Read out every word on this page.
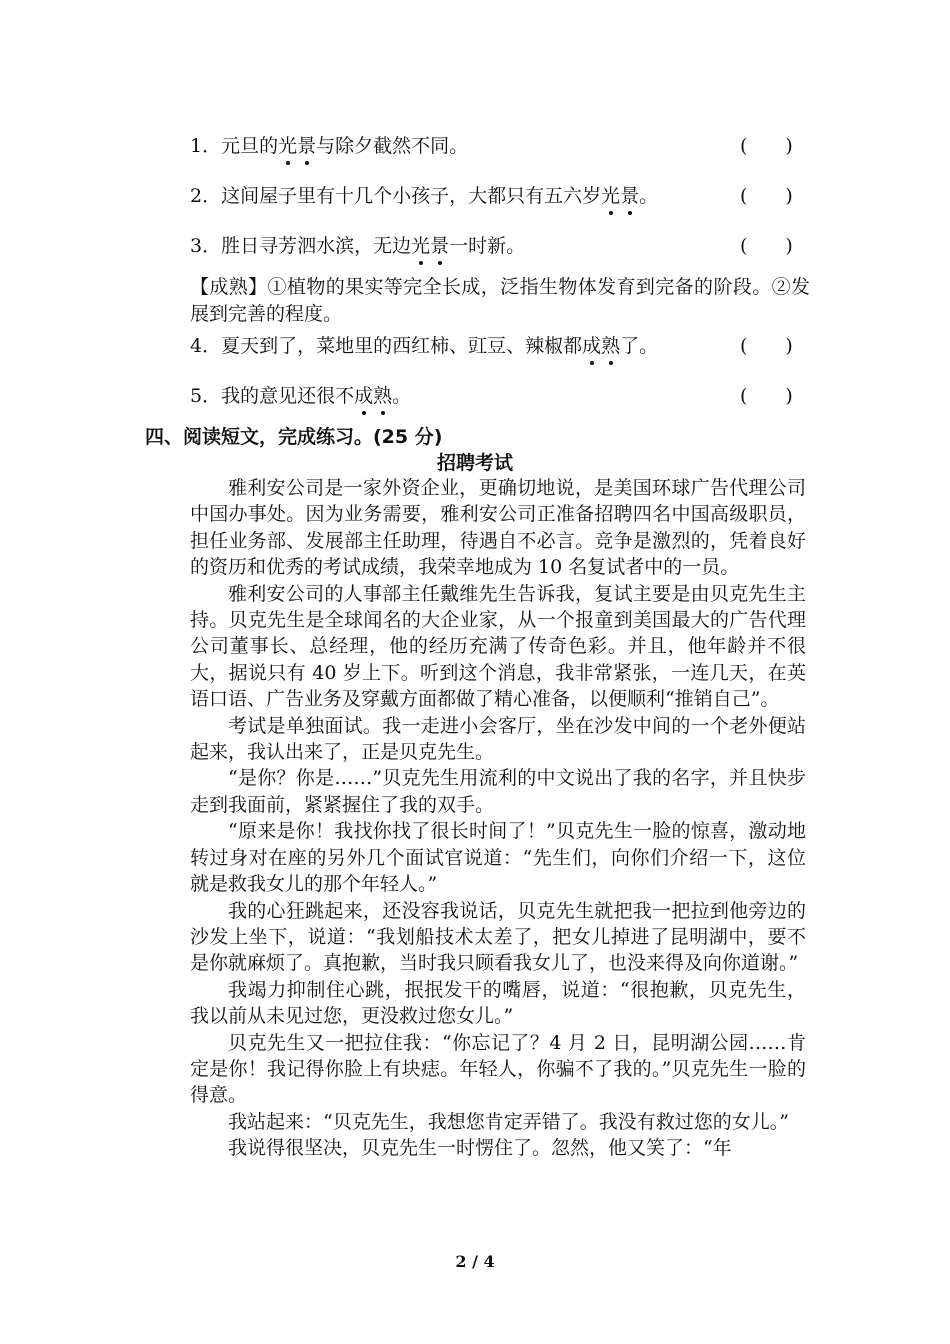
1．元旦的光景与除夕截然不同。	(　　)
2．这间屋子里有十几个小孩子，大都只有五六岁光景。	(　　)
3．胜日寻芳泗水滨，无边光景一时新。	(　　)
【成熟】①植物的果实等完全长成，泛指生物体发育到完备的阶段。②发展到完善的程度。
4．夏天到了，菜地里的西红柿、豇豆、辣椒都成熟了。	(　　)
5．我的意见还很不成熟。	(　　)
四、阅读短文，完成练习。(25 分)
招聘考试

雅利安公司是一家外资企业，更确切地说，是美国环球广告代理公司中国办事处。因为业务需要，雅利安公司正准备招聘四名中国高级职员，担任业务部、发展部主任助理，待遇自不必言。竞争是激烈的，凭着良好的资历和优秀的考试成绩，我荣幸地成为 10 名复试者中的一员。

雅利安公司的人事部主任戴维先生告诉我，复试主要是由贝克先生主持。贝克先生是全球闻名的大企业家，从一个报童到美国最大的广告代理公司董事长、总经理，他的经历充满了传奇色彩。并且，他年龄并不很大，据说只有 40 岁上下。听到这个消息，我非常紧张，一连几天，在英语口语、广告业务及穿戴方面都做了精心准备，以便顺利“推销自己”。

考试是单独面试。我一走进小会客厅，坐在沙发中间的一个老外便站起来，我认出来了，正是贝克先生。

“是你？你是……”贝克先生用流利的中文说出了我的名字，并且快步走到我面前，紧紧握住了我的双手。

“原来是你！我找你找了很长时间了！”贝克先生一脸的惊喜，激动地转过身对在座的另外几个面试官说道：“先生们，向你们介绍一下，这位就是救我女儿的那个年轻人。”

我的心狂跳起来，还没容我说话，贝克先生就把我一把拉到他旁边的沙发上坐下，说道：“我划船技术太差了，把女儿掉进了昆明湖中，要不是你就麻烦了。真抱歉，当时我只顾看我女儿了，也没来得及向你道谢。”

我竭力抑制住心跳，抿抿发干的嘴唇，说道：“很抱歉，贝克先生，我以前从未见过您，更没救过您女儿。”

贝克先生又一把拉住我：“你忘记了？4 月 2 日，昆明湖公园……肯定是你！我记得你脸上有块痣。年轻人，你骗不了我的。”贝克先生一脸的得意。

我站起来：“贝克先生，我想您肯定弄错了。我没有救过您的女儿。”

我说得很坚决，贝克先生一时愣住了。忽然，他又笑了：“年

2 / 4
